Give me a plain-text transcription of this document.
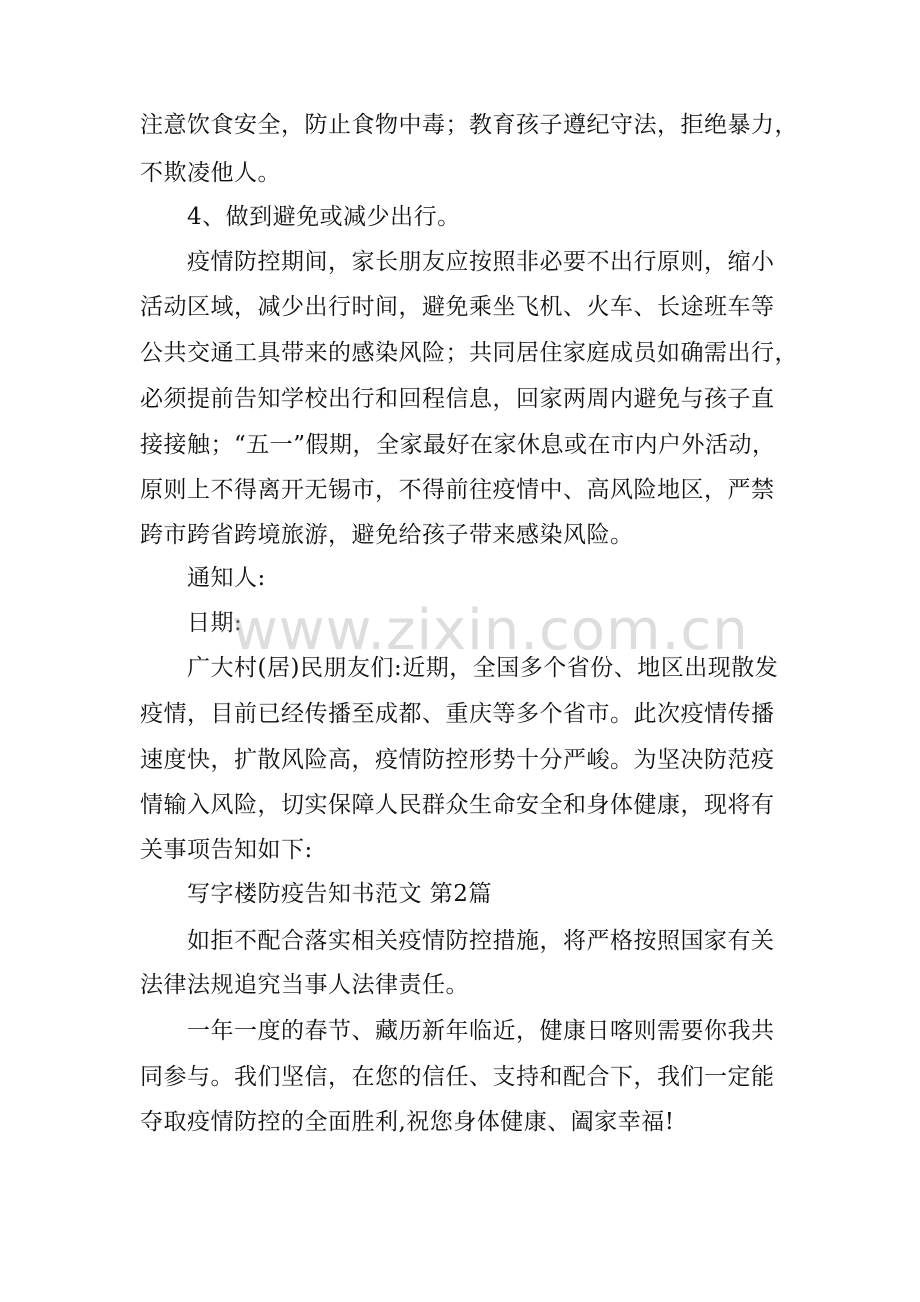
注意饮食安全，防止食物中毒；教育孩子遵纪守法，拒绝暴力，
不欺凌他人。
4、做到避免或减少出行。
疫情防控期间，家长朋友应按照非必要不出行原则，缩小
活动区域，减少出行时间，避免乘坐飞机、火车、长途班车等
公共交通工具带来的感染风险；共同居住家庭成员如确需出行，
必须提前告知学校出行和回程信息，回家两周内避免与孩子直
接接触；“五一”假期，全家最好在家休息或在市内户外活动，
原则上不得离开无锡市，不得前往疫情中、高风险地区，严禁
跨市跨省跨境旅游，避免给孩子带来感染风险。
通知人:
日期:
www.zixin.com.cn
广大村(居)民朋友们:近期，全国多个省份、地区出现散发
疫情，目前已经传播至成都、重庆等多个省市。此次疫情传播
速度快，扩散风险高，疫情防控形势十分严峻。为坚决防范疫
情输入风险，切实保障人民群众生命安全和身体健康，现将有
关事项告知如下:
写字楼防疫告知书范文 第2篇
如拒不配合落实相关疫情防控措施，将严格按照国家有关
法律法规追究当事人法律责任。
一年一度的春节、藏历新年临近，健康日喀则需要你我共
同参与。我们坚信，在您的信任、支持和配合下，我们一定能
夺取疫情防控的全面胜利,祝您身体健康、阖家幸福!
